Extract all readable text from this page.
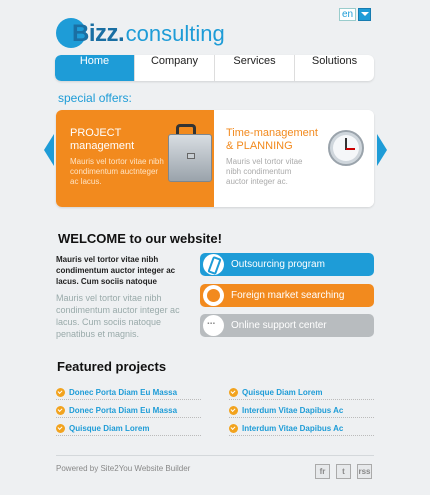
Bizz . consulting
en
Home	Company	Services	Solutions
special offers:
PROJECT
management
Mauris vel tortor vitae nibh condimentum auctnteger ac lacus.
Time-management
& PLANNING
Mauris vel tortor vitae nibh condimentum auctor integer ac.
WELCOME to our website!
Mauris vel tortor vitae nibh condimentum auctor integer ac lacus. Cum sociis natoque
Mauris vel tortor vitae nibh condimentum auctor integer ac lacus. Cum sociis natoque penatibus et magnis.
Outsourcing program
Foreign market searching
...
Online support center
Featured projects
Donec Porta Diam Eu Massa
Donec Porta Diam Eu Massa
Quisque Diam Lorem
Quisque Diam Lorem
Interdum Vitae Dapibus Ac
Interdum Vitae Dapibus Ac
Powered by Site2You Website Builder	fr	t	rss
